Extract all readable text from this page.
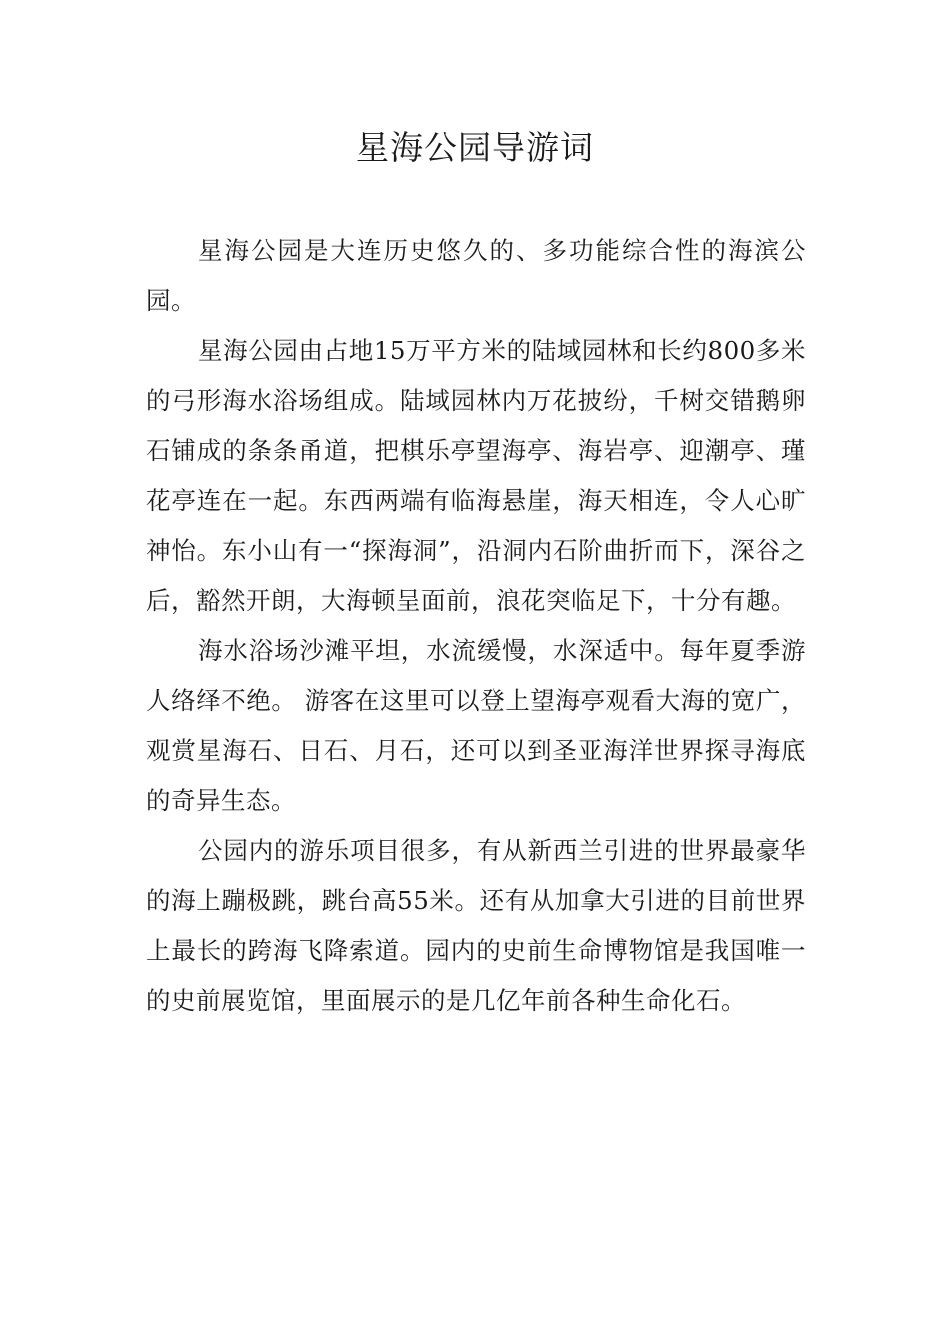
星海公园导游词

星海公园是大连历史悠久的、多功能综合性的海滨公园。

星海公园由占地15万平方米的陆域园林和长约800多米的弓形海水浴场组成。陆域园林内万花披纷，千树交错鹅卵石铺成的条条甬道，把棋乐亭望海亭、海岩亭、迎潮亭、瑾花亭连在一起。东西两端有临海悬崖，海天相连，令人心旷神怡。东小山有一“探海洞”，沿洞内石阶曲折而下，深谷之后，豁然开朗，大海顿呈面前，浪花突临足下，十分有趣。

海水浴场沙滩平坦，水流缓慢，水深适中。每年夏季游人络绎不绝。 游客在这里可以登上望海亭观看大海的宽广，观赏星海石、日石、月石，还可以到圣亚海洋世界探寻海底的奇异生态。

公园内的游乐项目很多，有从新西兰引进的世界最豪华的海上蹦极跳，跳台高55米。还有从加拿大引进的目前世界上最长的跨海飞降索道。园内的史前生命博物馆是我国唯一的史前展览馆，里面展示的是几亿年前各种生命化石。
